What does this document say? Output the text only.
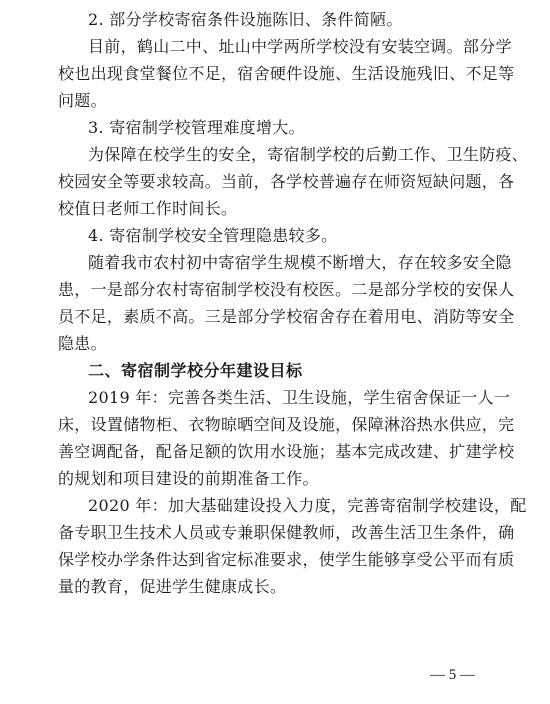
2. 部分学校寄宿条件设施陈旧、条件简陋。
目前，鹤山二中、址山中学两所学校没有安装空调。部分学
校也出现食堂餐位不足，宿舍硬件设施、生活设施残旧、不足等
问题。
3. 寄宿制学校管理难度增大。
为保障在校学生的安全，寄宿制学校的后勤工作、卫生防疫、
校园安全等要求较高。当前，各学校普遍存在师资短缺问题，各
校值日老师工作时间长。
4. 寄宿制学校安全管理隐患较多。
随着我市农村初中寄宿学生规模不断增大，存在较多安全隐
患，一是部分农村寄宿制学校没有校医。二是部分学校的安保人
员不足，素质不高。三是部分学校宿舍存在着用电、消防等安全
隐患。
二、寄宿制学校分年建设目标
2019 年：完善各类生活、卫生设施，学生宿舍保证一人一
床，设置储物柜、衣物晾晒空间及设施，保障淋浴热水供应，完
善空调配备，配备足额的饮用水设施；基本完成改建、扩建学校
的规划和项目建设的前期准备工作。
2020 年：加大基础建设投入力度，完善寄宿制学校建设，配
备专职卫生技术人员或专兼职保健教师，改善生活卫生条件，确
保学校办学条件达到省定标准要求，使学生能够享受公平而有质
量的教育，促进学生健康成长。
— 5 —
